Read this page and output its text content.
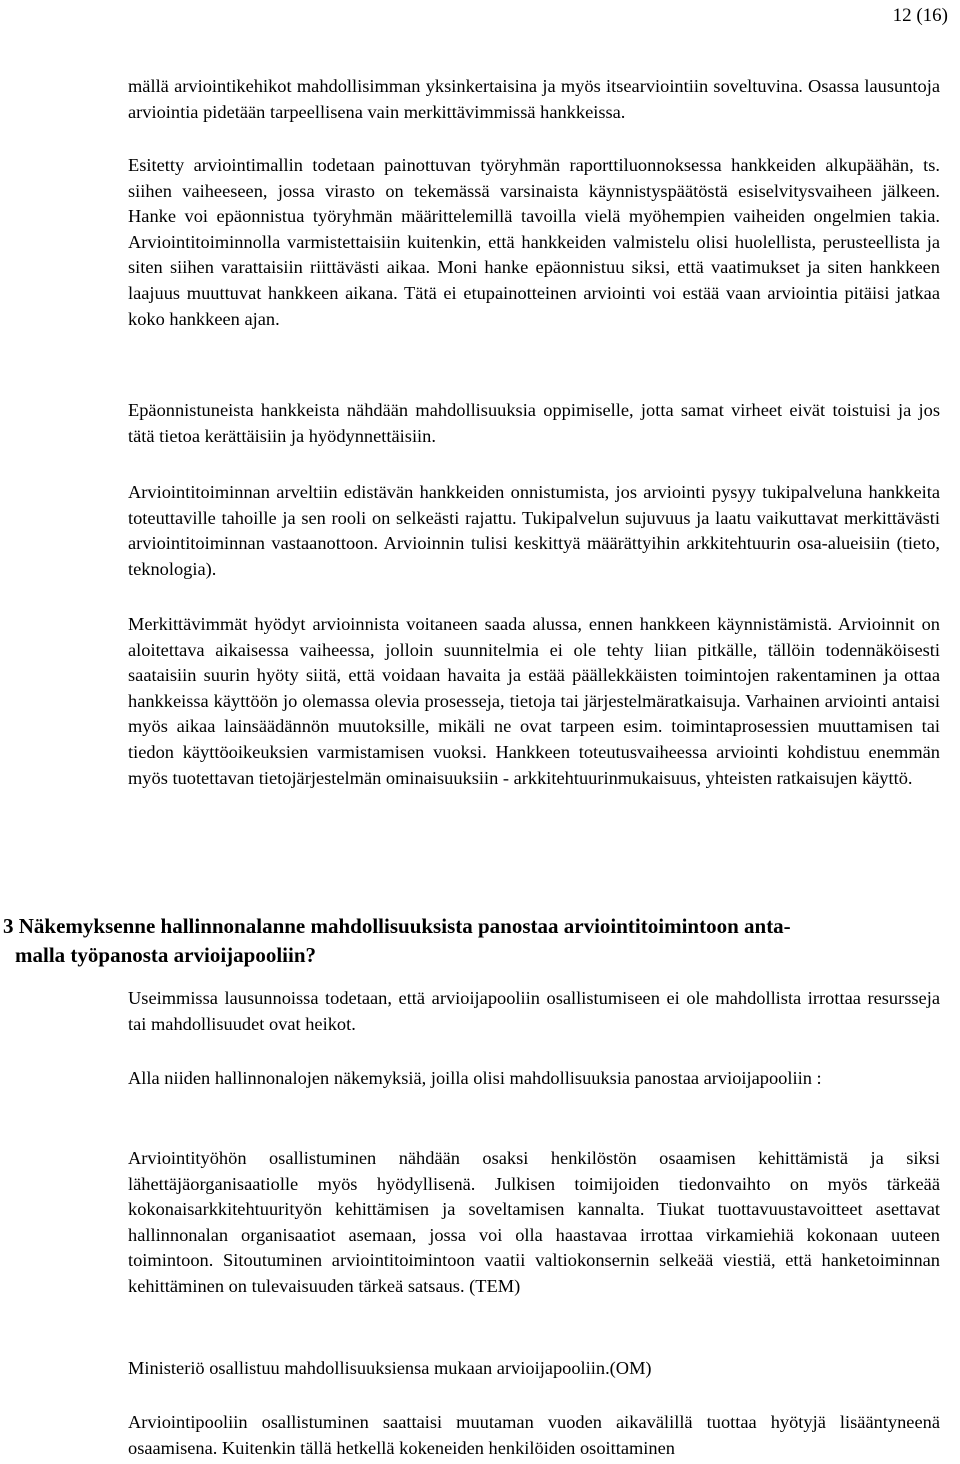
12 (16)

mällä arviointikehikot mahdollisimman yksinkertaisina ja myös itsearviointiin soveltuvina. Osassa lausuntoja arviointia pidetään tarpeellisena vain merkittävimmissä hankkeissa.

Esitetty arviointimallin todetaan painottuvan työryhmän raporttiluonnoksessa hankkeiden alkupäähän, ts. siihen vaiheeseen, jossa virasto on tekemässä varsinaista käynnistyspäätöstä esiselvitysvaiheen jälkeen. Hanke voi epäonnistua työryhmän määrittelemillä tavoilla vielä myöhempien vaiheiden ongelmien takia. Arviointitoiminnolla varmistettaisiin kuitenkin, että hankkeiden valmistelu olisi huolellista, perusteellista ja siten siihen varattaisiin riittävästi aikaa. Moni hanke epäonnistuu siksi, että vaatimukset ja siten hankkeen laajuus muuttuvat hankkeen aikana. Tätä ei etupainotteinen arviointi voi estää vaan arviointia pitäisi jatkaa koko hankkeen ajan.

Epäonnistuneista hankkeista nähdään mahdollisuuksia oppimiselle, jotta samat virheet eivät toistuisi ja jos tätä tietoa kerättäisiin ja hyödynnettäisiin.

Arviointitoiminnan arveltiin edistävän hankkeiden onnistumista, jos arviointi pysyy tukipalveluna hankkeita toteuttaville tahoille ja sen rooli on selkeästi rajattu. Tukipalvelun sujuvuus ja laatu vaikuttavat merkittävästi arviointitoiminnan vastaanottoon. Arvioinnin tulisi keskittyä määrättyihin arkkitehtuurin osa-alueisiin (tieto, teknologia).

Merkittävimmät hyödyt arvioinnista voitaneen saada alussa, ennen hankkeen käynnistämistä. Arvioinnit on aloitettava aikaisessa vaiheessa, jolloin suunnitelmia ei ole tehty liian pitkälle, tällöin todennäköisesti saataisiin suurin hyöty siitä, että voidaan havaita ja estää päällekkäisten toimintojen rakentaminen ja ottaa hankkeissa käyttöön jo olemassa olevia prosesseja, tietoja tai järjestelmäratkaisuja. Varhainen arviointi antaisi myös aikaa lainsäädännön muutoksille, mikäli ne ovat tarpeen esim. toimintaprosessien muuttamisen tai tiedon käyttöoikeuksien varmistamisen vuoksi. Hankkeen toteutusvaiheessa arviointi kohdistuu enemmän myös tuotettavan tietojärjestelmän ominaisuuksiin - arkkitehtuurinmukaisuus, yhteisten ratkaisujen käyttö.

3 Näkemyksenne hallinnonalanne mahdollisuuksista panostaa arviointitoimintoon anta-
malla työpanosta arvioijapooliin?

Useimmissa lausunnoissa todetaan, että arvioijapooliin osallistumiseen ei ole mahdollista irrottaa resursseja tai mahdollisuudet ovat heikot.

Alla niiden hallinnonalojen näkemyksiä, joilla olisi mahdollisuuksia panostaa arvioijapooliin :

Arviointityöhön osallistuminen nähdään osaksi henkilöstön osaamisen kehittämistä ja siksi lähettäjäorganisaatiolle myös hyödyllisenä. Julkisen toimijoiden tiedonvaihto on myös tärkeää kokonaisarkkitehtuurityön kehittämisen ja soveltamisen kannalta. Tiukat tuottavuustavoitteet asettavat hallinnonalan organisaatiot asemaan, jossa voi olla haastavaa irrottaa virkamiehiä kokonaan uuteen toimintoon. Sitoutuminen arviointitoimintoon vaatii valtiokonsernin selkeää viestiä, että hanketoiminnan kehittäminen on tulevaisuuden tärkeä satsaus. (TEM)

Ministeriö osallistuu mahdollisuuksiensa mukaan arvioijapooliin.(OM)

Arviointipooliin osallistuminen saattaisi muutaman vuoden aikavälillä tuottaa hyötyjä lisääntyneenä osaamisena. Kuitenkin tällä hetkellä kokeneiden henkilöiden osoittaminen
